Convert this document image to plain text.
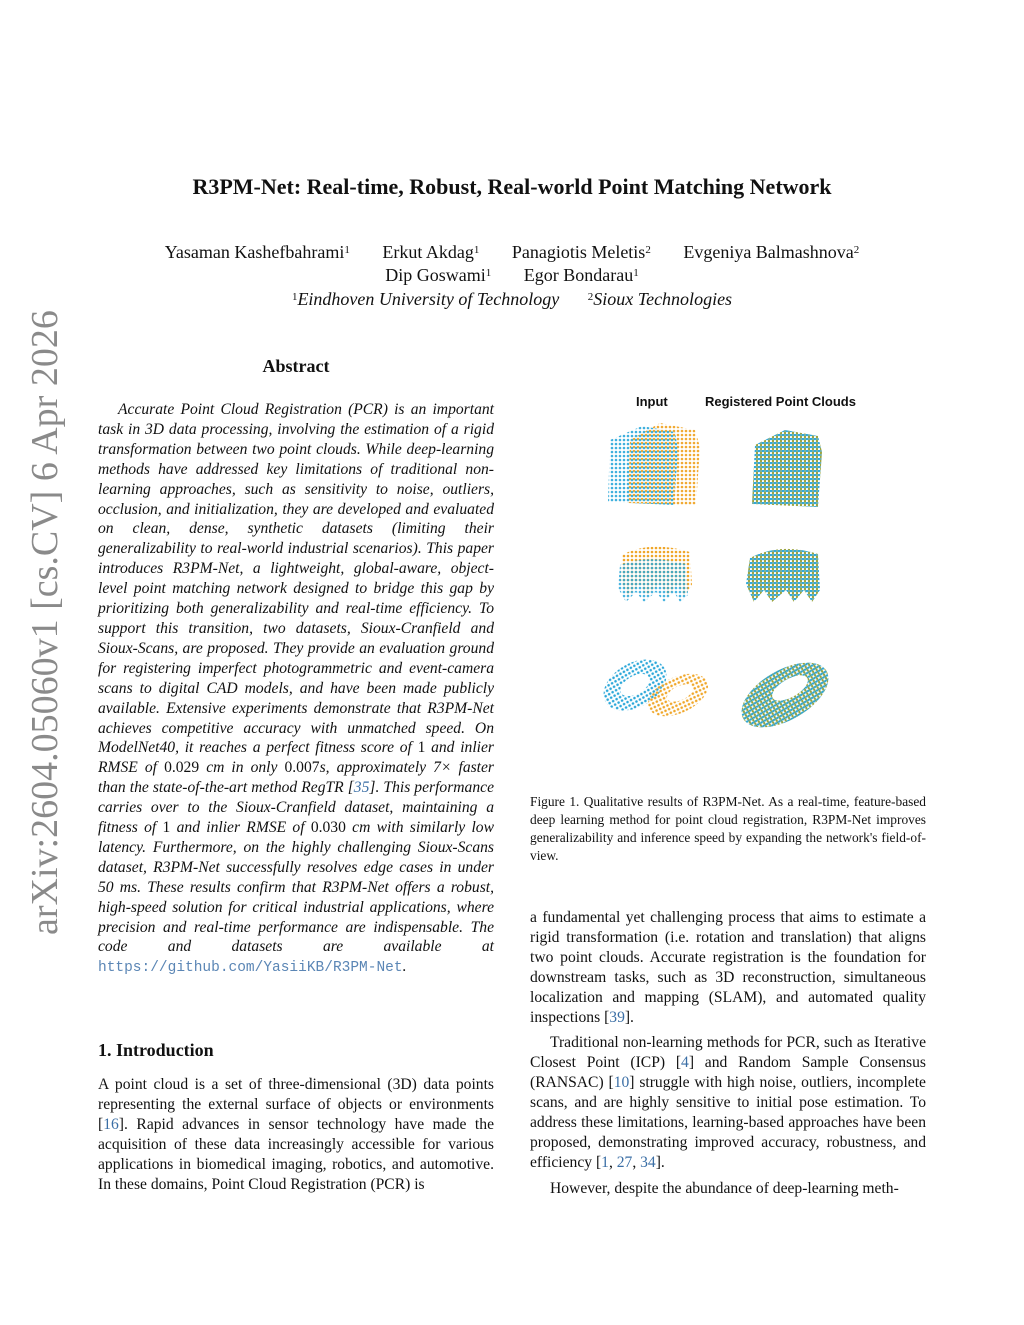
arXiv:2604.05060v1 [cs.CV] 6 Apr 2026
R3PM-Net: Real-time, Robust, Real-world Point Matching Network
Yasaman Kashefbahrami$^1$ Erkut Akdag$^1$ Panagiotis Meletis$^2$ Evgeniya Balmashnova$^2$
Dip Goswami$^1$ Egor Bondarau$^1$
$^1$Eindhoven University of Technology	$^2$Sioux Technologies
Abstract
Accurate Point Cloud Registration (PCR) is an important task in 3D data processing, involving the estimation of a rigid transformation between two point clouds. While deep-learning methods have addressed key limitations of traditional non-learning approaches, such as sensitivity to noise, outliers, occlusion, and initialization, they are developed and evaluated on clean, dense, synthetic datasets (limiting their generalizability to real-world industrial scenarios). This paper introduces R3PM-Net, a lightweight, global-aware, object-level point matching network designed to bridge this gap by prioritizing both generalizability and real-time efficiency. To support this transition, two datasets, Sioux-Cranfield and Sioux-Scans, are proposed. They provide an evaluation ground for registering imperfect photogrammetric and event-camera scans to digital CAD models, and have been made publicly available. Extensive experiments demonstrate that R3PM-Net achieves competitive accuracy with unmatched speed. On ModelNet40, it reaches a perfect fitness score of 1 and inlier RMSE of 0.029 cm in only 0.007s, approximately 7× faster than the state-of-the-art method RegTR [35]. This performance carries over to the Sioux-Cranfield dataset, maintaining a fitness of 1 and inlier RMSE of 0.030 cm with similarly low latency. Furthermore, on the highly challenging Sioux-Scans dataset, R3PM-Net successfully resolves edge cases in under 50 ms. These results confirm that R3PM-Net offers a robust, high-speed solution for critical industrial applications, where precision and real-time performance are indispensable. The code and datasets are available at https://github.com/YasiiKB/R3PM-Net.
1. Introduction
A point cloud is a set of three-dimensional (3D) data points representing the external surface of objects or environments [16]. Rapid advances in sensor technology have made the acquisition of these data increasingly accessible for various applications in biomedical imaging, robotics, and automotive. In these domains, Point Cloud Registration (PCR) is
Input	Registered Point Clouds
Figure 1. Qualitative results of R3PM-Net. As a real-time, feature-based deep learning method for point cloud registration, R3PM-Net improves generalizability and inference speed by expanding the network's field-of-view.

a fundamental yet challenging process that aims to estimate a rigid transformation (i.e. rotation and translation) that aligns two point clouds. Accurate registration is the foundation for downstream tasks, such as 3D reconstruction, simultaneous localization and mapping (SLAM), and automated quality inspections [39].

Traditional non-learning methods for PCR, such as Iterative Closest Point (ICP) [4] and Random Sample Consensus (RANSAC) [10] struggle with high noise, outliers, incomplete scans, and are highly sensitive to initial pose estimation. To address these limitations, learning-based approaches have been proposed, demonstrating improved accuracy, robustness, and efficiency [1, 27, 34].

However, despite the abundance of deep-learning meth-
